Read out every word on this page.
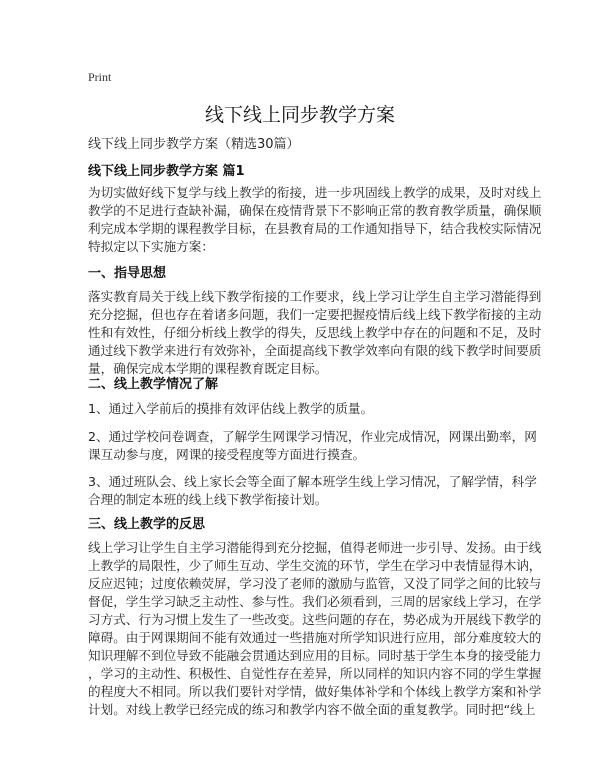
Print
线下线上同步教学方案
线下线上同步教学方案（精选30篇）
线下线上同步教学方案 篇1
为切实做好线下复学与线上教学的衔接，进一步巩固线上教学的成果，及时对线上
教学的不足进行查缺补漏，确保在疫情背景下不影响正常的教育教学质量，确保顺
利完成本学期的课程教学目标，在县教育局的工作通知指导下，结合我校实际情况
特拟定以下实施方案：
一、指导思想
落实教育局关于线上线下教学衔接的工作要求，线上学习让学生自主学习潜能得到
充分挖掘，但也存在着诸多问题，我们一定要把握疫情后线上线下教学衔接的主动
性和有效性，仔细分析线上教学的得失，反思线上教学中存在的问题和不足，及时
通过线下教学来进行有效弥补，全面提高线下教学效率向有限的线下教学时间要质
量，确保完成本学期的课程教育既定目标。
二、线上教学情况了解
1、通过入学前后的摸排有效评估线上教学的质量。
2、通过学校问卷调查，了解学生网课学习情况，作业完成情况，网课出勤率，网
课互动参与度，网课的接受程度等方面进行摸查。
3、通过班队会、线上家长会等全面了解本班学生线上学习情况，了解学情，科学
合理的制定本班的线上线下教学衔接计划。
三、线上教学的反思
线上学习让学生自主学习潜能得到充分挖掘，值得老师进一步引导、发扬。由于线
上教学的局限性，少了师生互动、学生交流的环节，学生在学习中表情显得木讷，
反应迟钝；过度依赖荧屏，学习没了老师的激励与监管，又没了同学之间的比较与
督促，学生学习缺乏主动性、参与性。我们必须看到，三周的居家线上学习，在学
习方式、行为习惯上发生了一些改变。这些问题的存在，势必成为开展线下教学的
障碍。由于网课期间不能有效通过一些措施对所学知识进行应用，部分难度较大的
知识理解不到位导致不能融会贯通达到应用的目标。同时基于学生本身的接受能力
，学习的主动性、积极性、自觉性存在差异，所以同样的知识内容不同的学生掌握
的程度大不相同。所以我们要针对学情，做好集体补学和个体线上教学方案和补学
计划。对线上教学已经完成的练习和教学内容不做全面的重复教学。同时把“线上
